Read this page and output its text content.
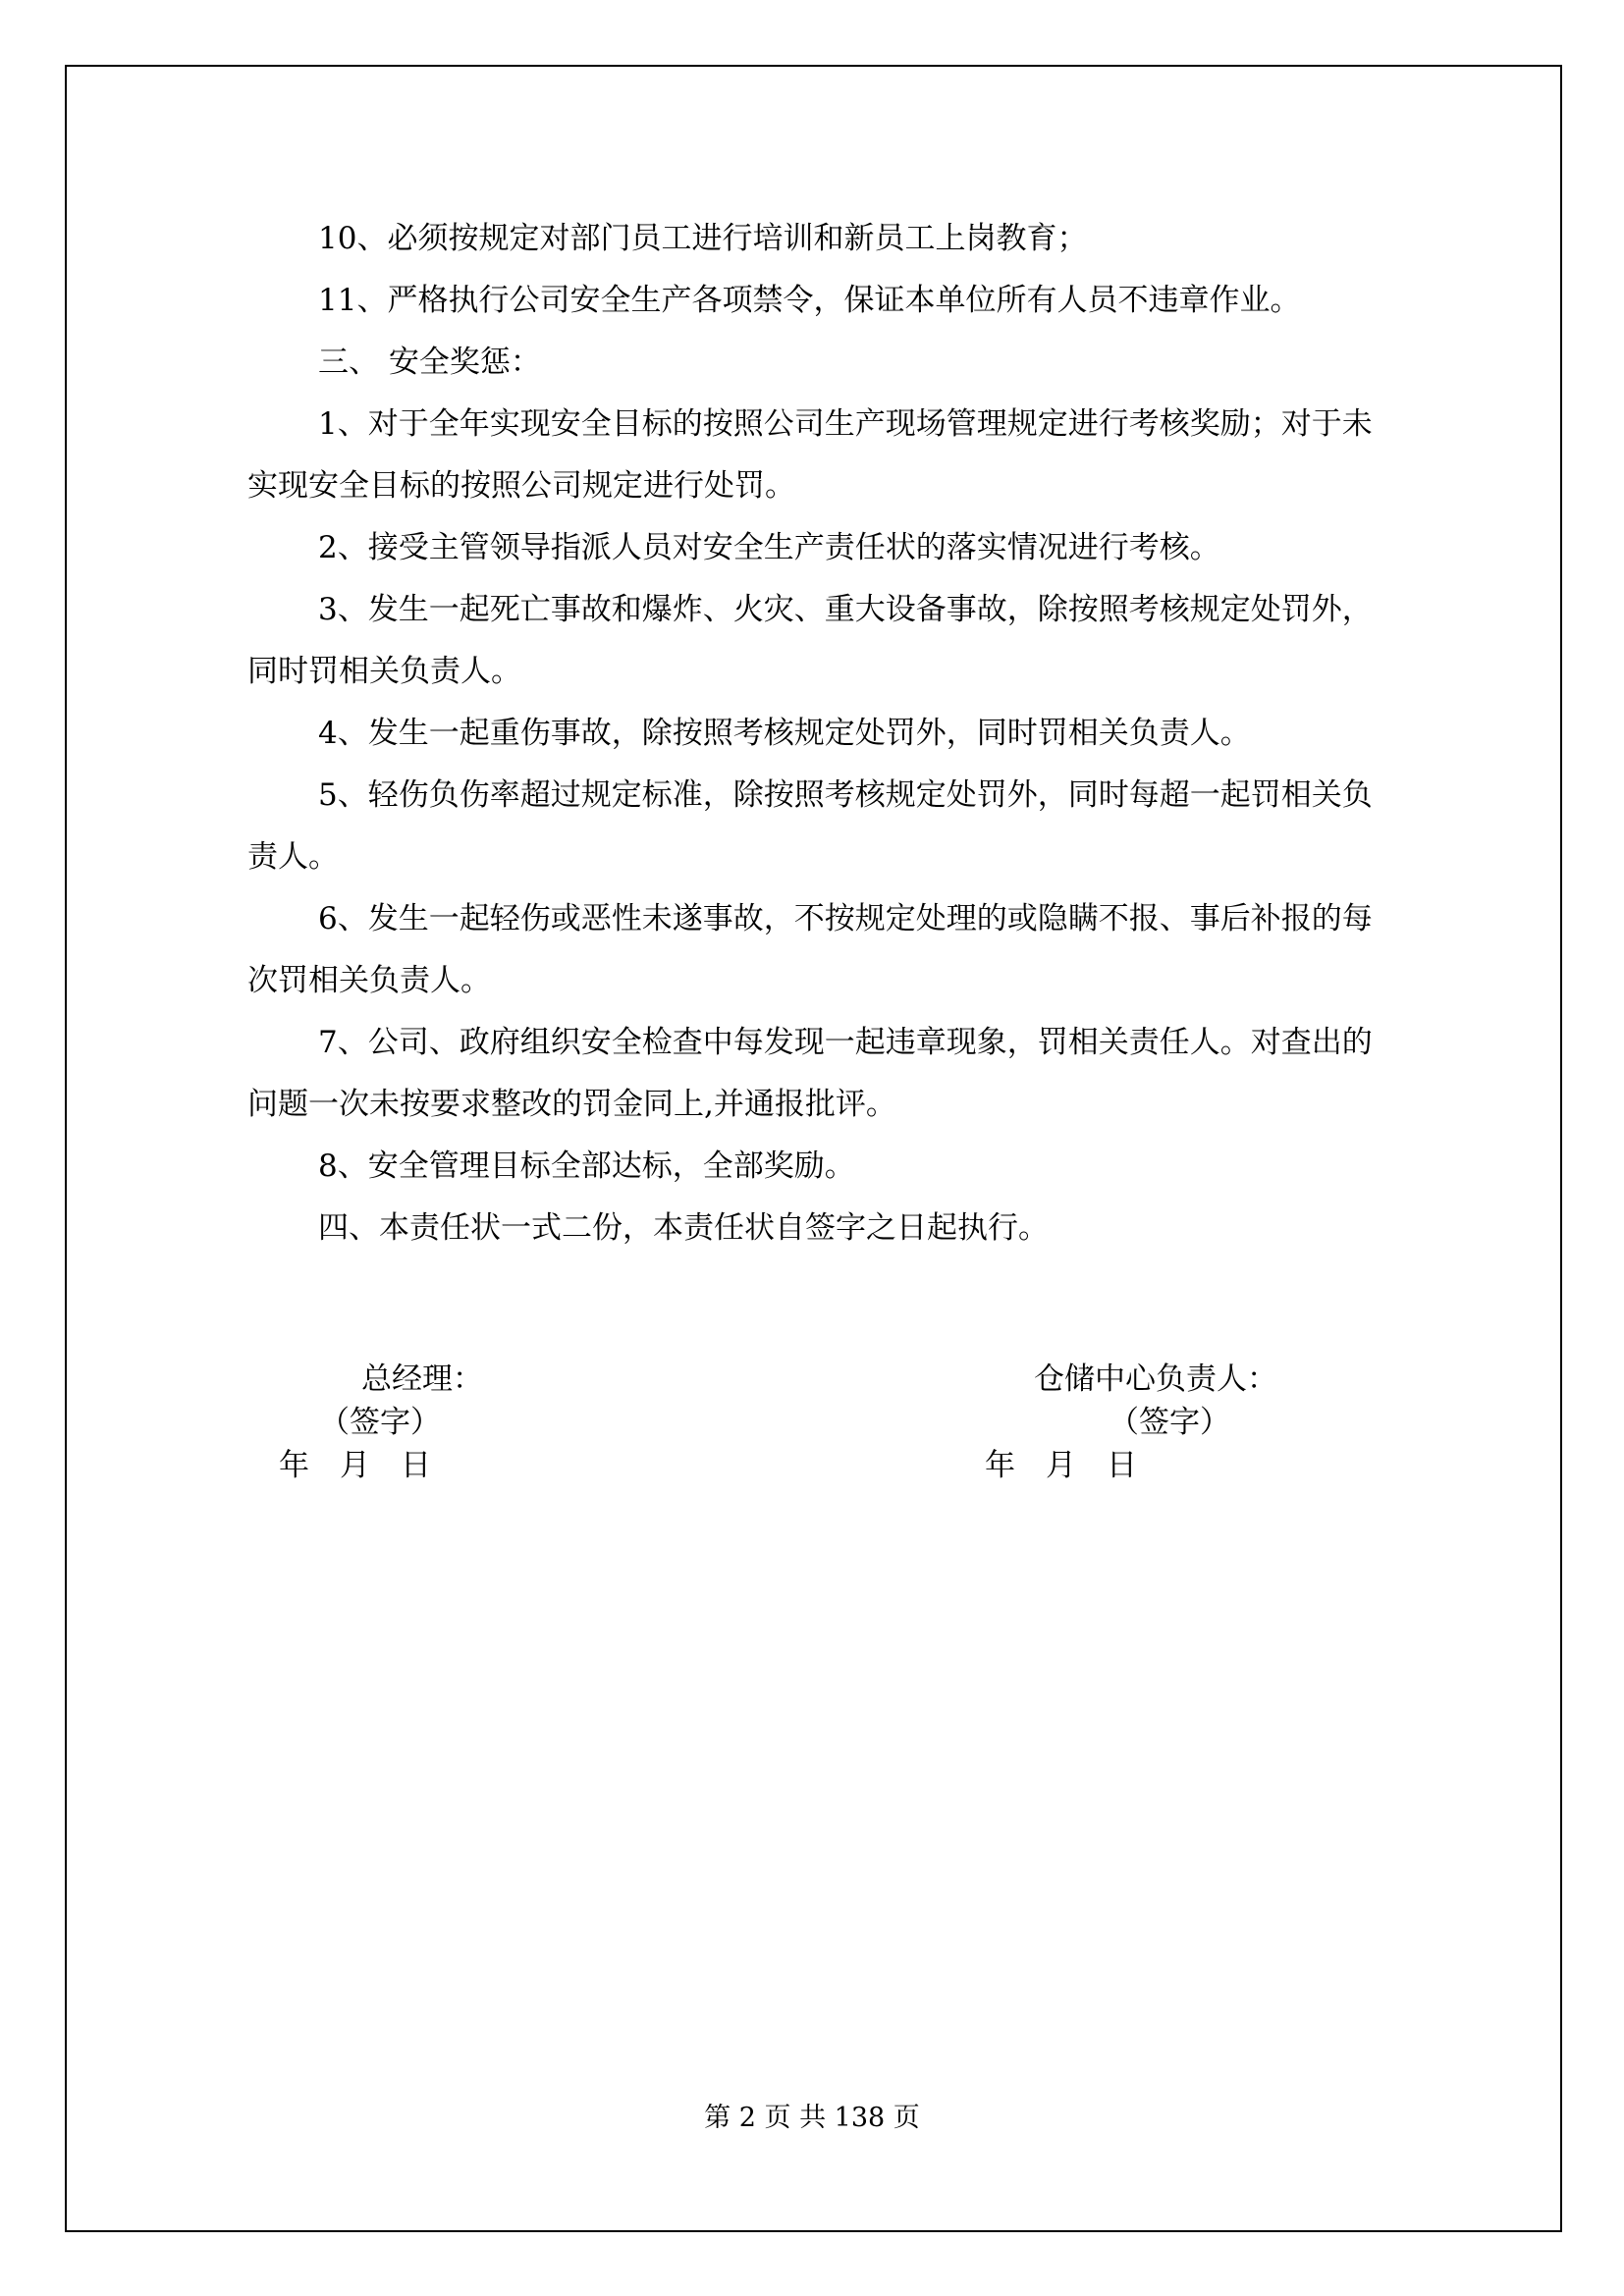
10、必须按规定对部门员工进行培训和新员工上岗教育；

11、严格执行公司安全生产各项禁令，保证本单位所有人员不违章作业。

三、 安全奖惩：

1、对于全年实现安全目标的按照公司生产现场管理规定进行考核奖励；对于未实现安全目标的按照公司规定进行处罚。

2、接受主管领导指派人员对安全生产责任状的落实情况进行考核。

3、发生一起死亡事故和爆炸、火灾、重大设备事故，除按照考核规定处罚外，同时罚相关负责人。

4、发生一起重伤事故，除按照考核规定处罚外，同时罚相关负责人。

5、轻伤负伤率超过规定标准，除按照考核规定处罚外，同时每超一起罚相关负责人。

6、发生一起轻伤或恶性未遂事故，不按规定处理的或隐瞒不报、事后补报的每次罚相关负责人。

7、公司、政府组织安全检查中每发现一起违章现象，罚相关责任人。对查出的问题一次未按要求整改的罚金同上,并通报批评。

8、安全管理目标全部达标，全部奖励。

四、本责任状一式二份，本责任状自签字之日起执行。

总经理：
（签字）
年　月　日
仓储中心负责人：
（签字）
年　月　日
第 2 页 共 138 页
